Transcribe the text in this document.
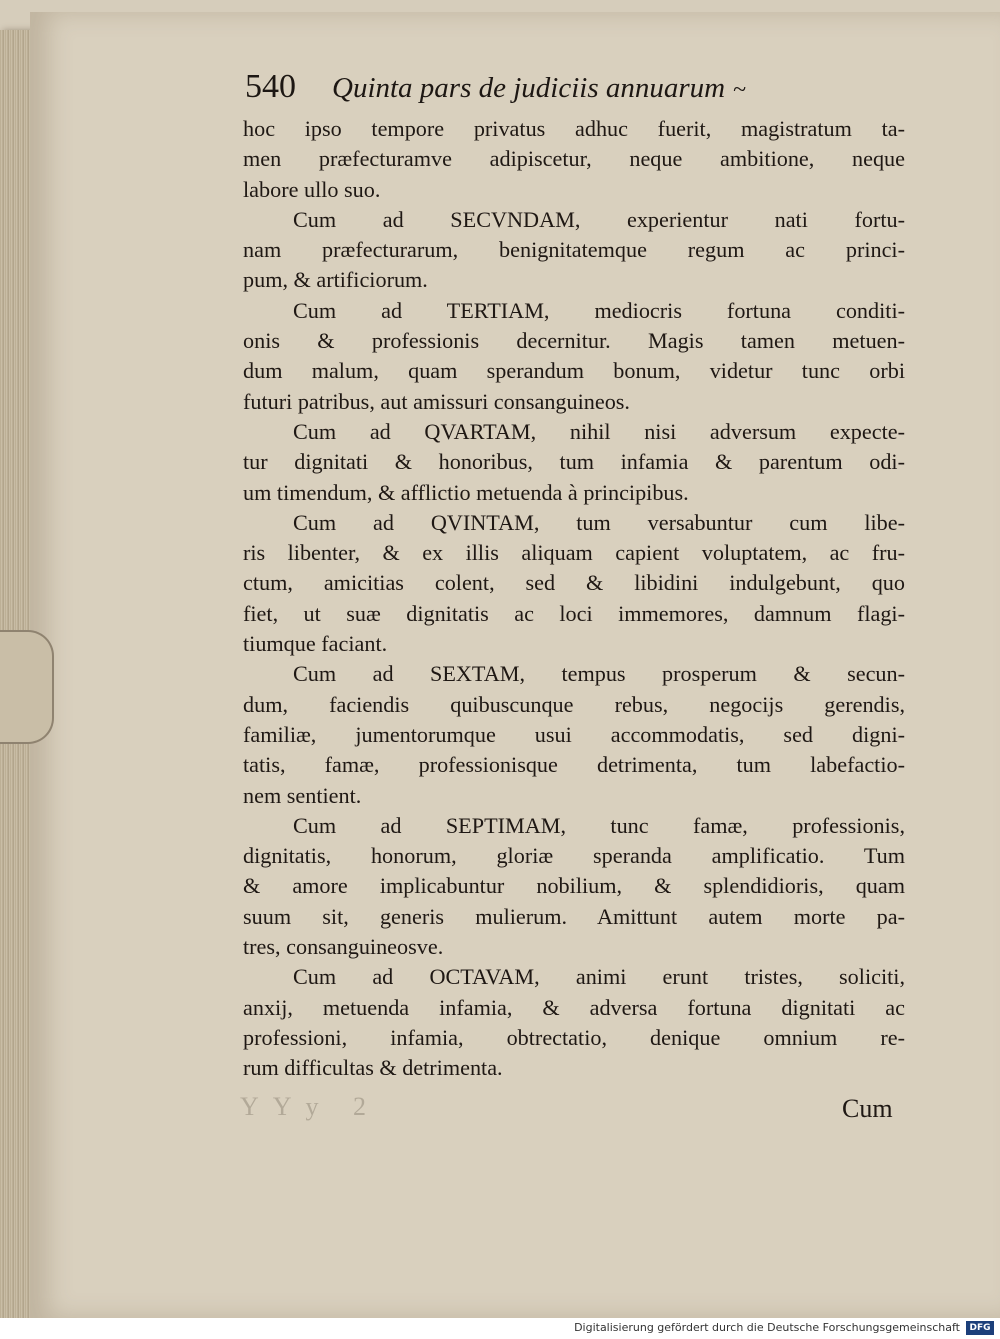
YYy 2
540 Quinta pars de judiciis annuarum ~

hoc ipso tempore privatus adhuc fuerit, magistratum ta-
men præfecturamve adipiscetur, neque ambitione, neque
labore ullo suo.

Cum ad SECVNDAM, experientur nati fortu-
nam præfecturarum, benignitatemque regum ac princi-
pum, & artificiorum.

Cum ad TERTIAM, mediocris fortuna conditi-
onis & professionis decernitur. Magis tamen metuen-
dum malum, quam sperandum bonum, videtur tunc orbi
futuri patribus, aut amissuri consanguineos.

Cum ad QVARTAM, nihil nisi adversum expecte-
tur dignitati & honoribus, tum infamia & parentum odi-
um timendum, & afflictio metuenda à principibus.

Cum ad QVINTAM, tum versabuntur cum libe-
ris libenter, & ex illis aliquam capient voluptatem, ac fru-
ctum, amicitias colent, sed & libidini indulgebunt, quo
fiet, ut suæ dignitatis ac loci immemores, damnum flagi-
tiumque faciant.

Cum ad SEXTAM, tempus prosperum & secun-
dum, faciendis quibuscunque rebus, negocijs gerendis,
familiæ, jumentorumque usui accommodatis, sed digni-
tatis, famæ, professionisque detrimenta, tum labefactio-
nem sentient.

Cum ad SEPTIMAM, tunc famæ, professionis,
dignitatis, honorum, gloriæ speranda amplificatio. Tum
& amore implicabuntur nobilium, & splendidioris, quam
suum sit, generis mulierum. Amittunt autem morte pa-
tres, consanguineosve.

Cum ad OCTAVAM, animi erunt tristes, soliciti,
anxij, metuenda infamia, & adversa fortuna dignitati ac
professioni, infamia, obtrectatio, denique omnium re-
rum difficultas & detrimenta.

Cum
Digitalisierung gefördert durch die Deutsche Forschungsgemeinschaft	DFG
